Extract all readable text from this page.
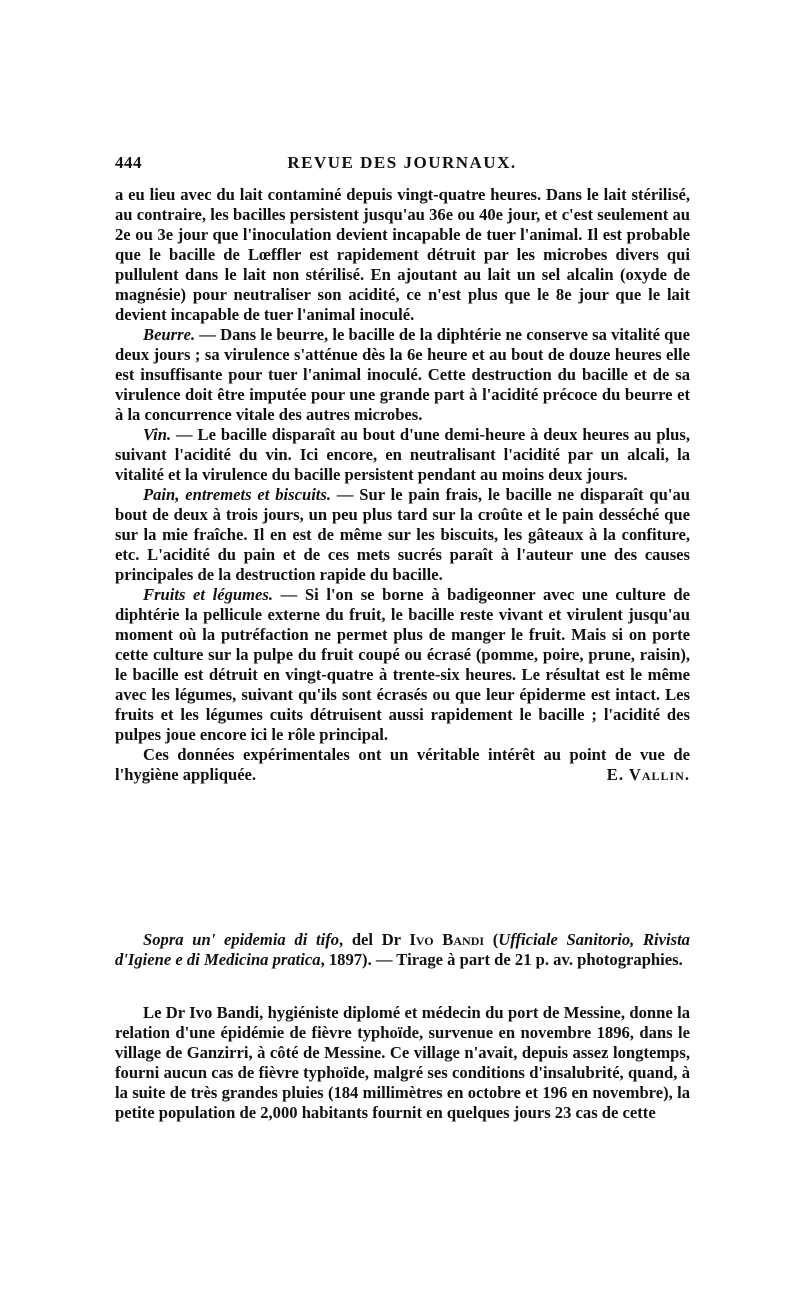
444	REVUE DES JOURNAUX.

a eu lieu avec du lait contaminé depuis vingt-quatre heures. Dans le lait stérilisé, au contraire, les bacilles persistent jusqu'au 36e ou 40e jour, et c'est seulement au 2e ou 3e jour que l'inoculation devient incapable de tuer l'animal. Il est probable que le bacille de Lœffler est rapidement détruit par les microbes divers qui pullulent dans le lait non stérilisé. En ajoutant au lait un sel alcalin (oxyde de magnésie) pour neutraliser son acidité, ce n'est plus que le 8e jour que le lait devient incapable de tuer l'animal inoculé.

Beurre. — Dans le beurre, le bacille de la diphtérie ne conserve sa vitalité que deux jours ; sa virulence s'atténue dès la 6e heure et au bout de douze heures elle est insuffisante pour tuer l'animal inoculé. Cette destruction du bacille et de sa virulence doit être imputée pour une grande part à l'acidité précoce du beurre et à la concurrence vitale des autres microbes.

Vin. — Le bacille disparaît au bout d'une demi-heure à deux heures au plus, suivant l'acidité du vin. Ici encore, en neutralisant l'acidité par un alcali, la vitalité et la virulence du bacille persistent pendant au moins deux jours.

Pain, entremets et biscuits. — Sur le pain frais, le bacille ne disparaît qu'au bout de deux à trois jours, un peu plus tard sur la croûte et le pain desséché que sur la mie fraîche. Il en est de même sur les biscuits, les gâteaux à la confiture, etc. L'acidité du pain et de ces mets sucrés paraît à l'auteur une des causes principales de la destruction rapide du bacille.

Fruits et légumes. — Si l'on se borne à badigeonner avec une culture de diphtérie la pellicule externe du fruit, le bacille reste vivant et virulent jusqu'au moment où la putréfaction ne permet plus de manger le fruit. Mais si on porte cette culture sur la pulpe du fruit coupé ou écrasé (pomme, poire, prune, raisin), le bacille est détruit en vingt-quatre à trente-six heures. Le résultat est le même avec les légumes, suivant qu'ils sont écrasés ou que leur épiderme est intact. Les fruits et les légumes cuits détruisent aussi rapidement le bacille ; l'acidité des pulpes joue encore ici le rôle principal.

Ces données expérimentales ont un véritable intérêt au point de vue de l'hygiène appliquée.	E. Vallin.

Sopra un' epidemia di tifo, del Dr Ivo Bandi (Ufficiale Sanitorio, Rivista d'Igiene e di Medicina pratica, 1897). — Tirage à part de 21 p. av. photographies.

Le Dr Ivo Bandi, hygiéniste diplomé et médecin du port de Messine, donne la relation d'une épidémie de fièvre typhoïde, survenue en novembre 1896, dans le village de Ganzirri, à côté de Messine. Ce village n'avait, depuis assez longtemps, fourni aucun cas de fièvre typhoïde, malgré ses conditions d'insalubrité, quand, à la suite de très grandes pluies (184 millimètres en octobre et 196 en novembre), la petite population de 2,000 habitants fournit en quelques jours 23 cas de cette
